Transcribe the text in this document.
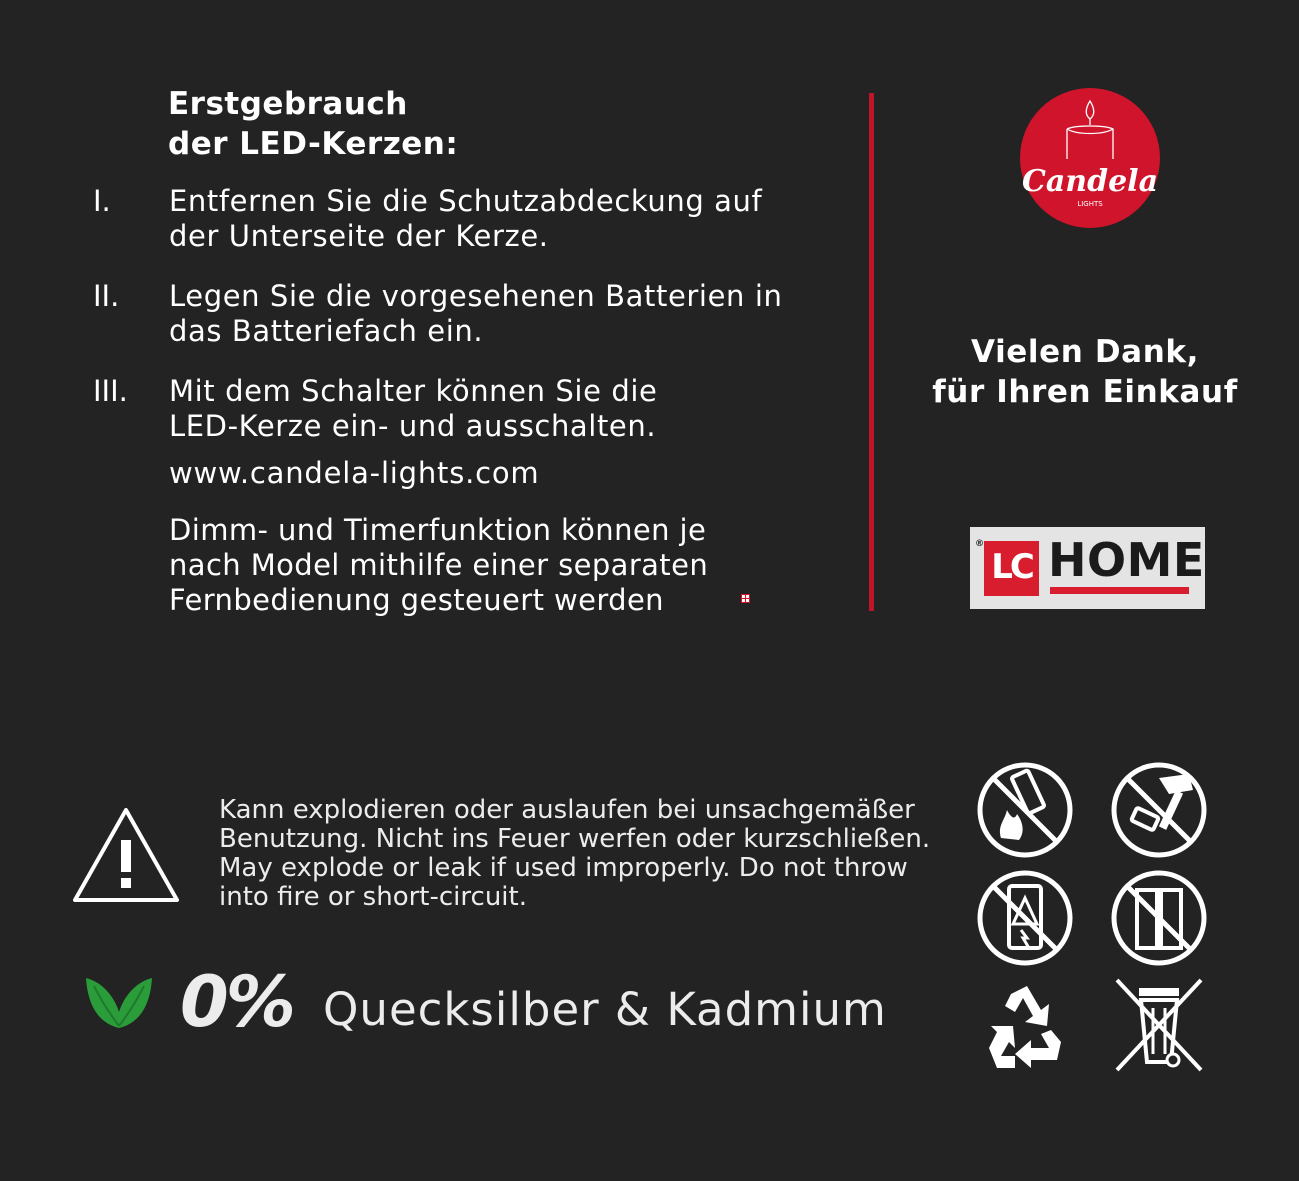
Erstgebrauch
der LED-Kerzen:
I. Entfernen Sie die Schutzabdeckung auf
der Unterseite der Kerze.
II. Legen Sie die vorgesehenen Batterien in
das Batteriefach ein.
III. Mit dem Schalter können Sie die
LED-Kerze ein- und ausschalten.
www.candela-lights.com
Dimm- und Timerfunktion können je
nach Model mithilfe einer separaten
Fernbedienung gesteuert werden
Candela
LIGHTS
Vielen Dank,
für Ihren Einkauf
®
LC HOME
Kann explodieren oder auslaufen bei unsachgemäßer
Benutzung. Nicht ins Feuer werfen oder kurzschließen.
May explode or leak if used improperly. Do not throw
into fire or short-circuit.
0% Quecksilber & Kadmium
